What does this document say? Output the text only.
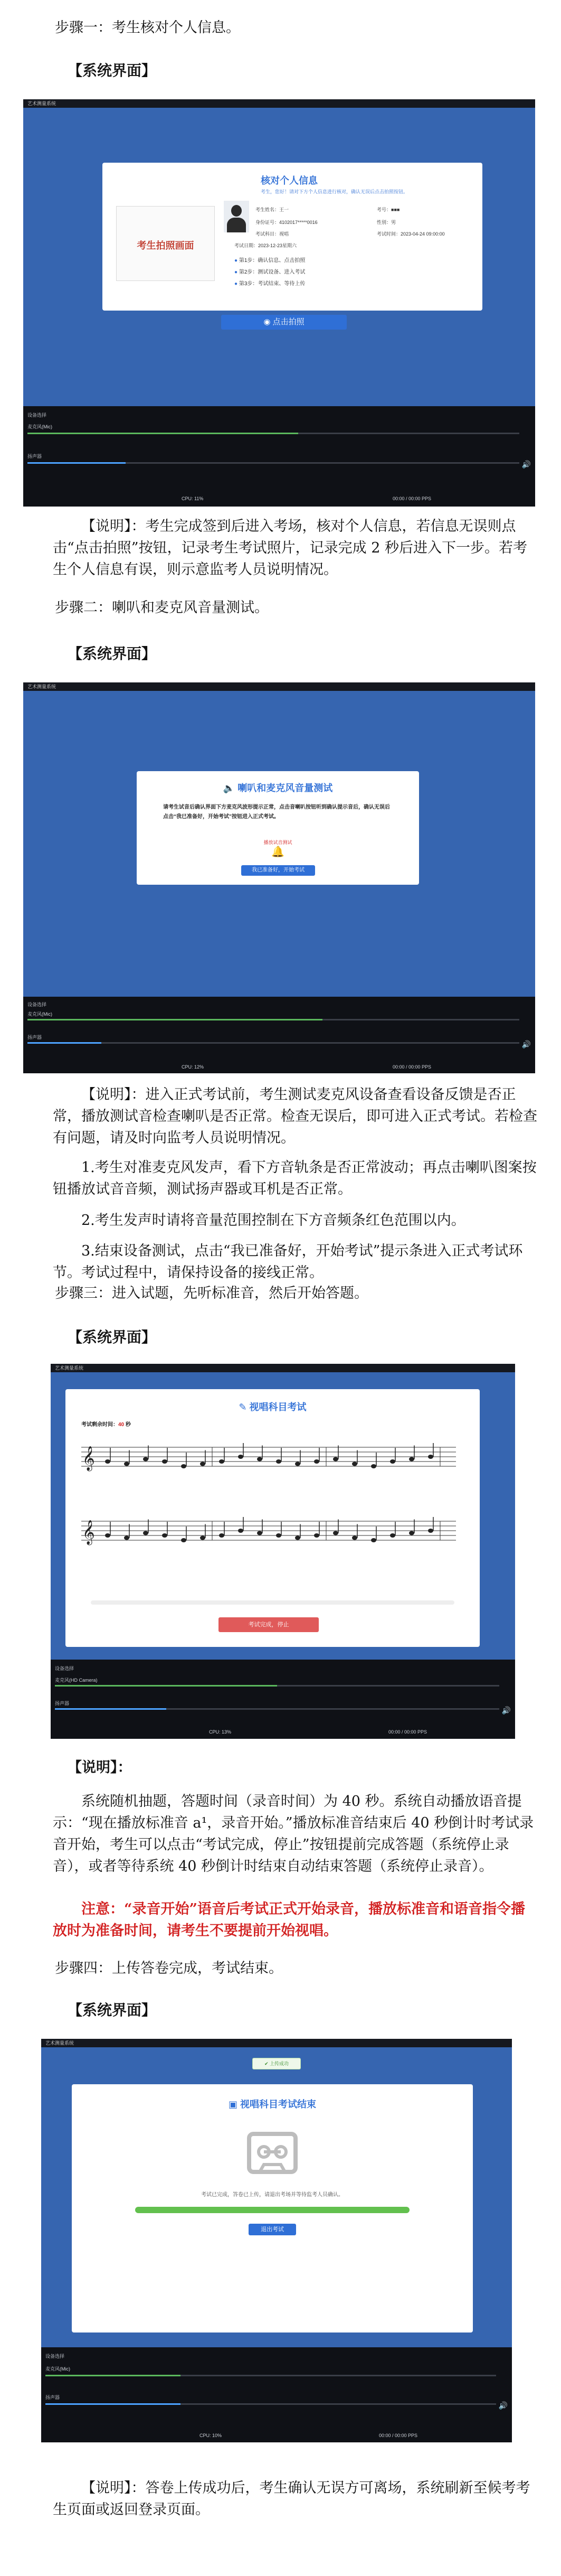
步骤一：考生核对个人信息。

【系统界面】
艺术测量系统
考生拍照画面
核对个人信息
考生，您好！请对下方个人信息进行核对，确认无误后点击拍照按钮。
考生姓名：王一	考号：■■■
身份证号：4102017*****0016	性别：男
考试科目：视唱	考试时间：2023-04-24 09:00:00
考试日期：2023-12-23星期六
● 第1步：确认信息、点击拍照
● 第2步：测试设备、进入考试
● 第3步：考试结束、等待上传
◉ 点击拍照
设备选择
麦克风(Mic)
扬声器
🔊
CPU: 11%	00:00 / 00:00 PPS

【说明】：考生完成签到后进入考场，核对个人信息，若信息无误则点击“点击拍照”按钮，记录考生考试照片，记录完成 2 秒后进入下一步。若考生个人信息有误，则示意监考人员说明情况。

步骤二：喇叭和麦克风音量测试。

【系统界面】
艺术测量系统
🔈 喇叭和麦克风音量测试
请考生试音后确认界面下方麦克风波形提示正常，点击音喇叭按钮听到确认提示音后，确认无误后点击“我已准备好，开始考试”按钮进入正式考试。
播放试音测试
🔔
我已准备好，开始考试
设备选择
麦克风(Mic)
扬声器
🔊
CPU: 12%	00:00 / 00:00 PPS

【说明】：进入正式考试前，考生测试麦克风设备查看设备反馈是否正常，播放测试音检查喇叭是否正常。检查无误后，即可进入正式考试。若检查有问题，请及时向监考人员说明情况。

1.考生对准麦克风发声，看下方音轨条是否正常波动；再点击喇叭图案按钮播放试音音频，测试扬声器或耳机是否正常。

2.考生发声时请将音量范围控制在下方音频条红色范围以内。

3.结束设备测试，点击“我已准备好，开始考试”提示条进入正式考试环节。考试过程中，请保持设备的接线正常。

步骤三：进入试题，先听标准音，然后开始答题。

【系统界面】
艺术测量系统
✎ 视唱科目考试
考试剩余时间：40 秒
𝄞
𝄞
考试完成，停止
设备选择
麦克风(HD Camera)
扬声器
🔊
CPU: 13%	00:00 / 00:00 PPS
【说明】：

系统随机抽题，答题时间（录音时间）为 40 秒。系统自动播放语音提示：“现在播放标准音 a¹，录音开始。”播放标准音结束后 40 秒倒计时考试录音开始，考生可以点击“考试完成，停止”按钮提前完成答题（系统停止录音），或者等待系统 40 秒倒计时结束自动结束答题（系统停止录音）。

注意：“录音开始”语音后考试正式开始录音，播放标准音和语音指令播放时为准备时间，请考生不要提前开始视唱。

步骤四：上传答卷完成，考试结束。

【系统界面】
艺术测量系统
✔ 上传成功
▣ 视唱科目考试结束
考试已完成，答卷已上传，请退出考场并等待监考人员确认。
退出考试
设备选择
麦克风(Mic)
扬声器
🔊
CPU: 10%	00:00 / 00:00 PPS

【说明】：答卷上传成功后，考生确认无误方可离场，系统刷新至候考考生页面或返回登录页面。
